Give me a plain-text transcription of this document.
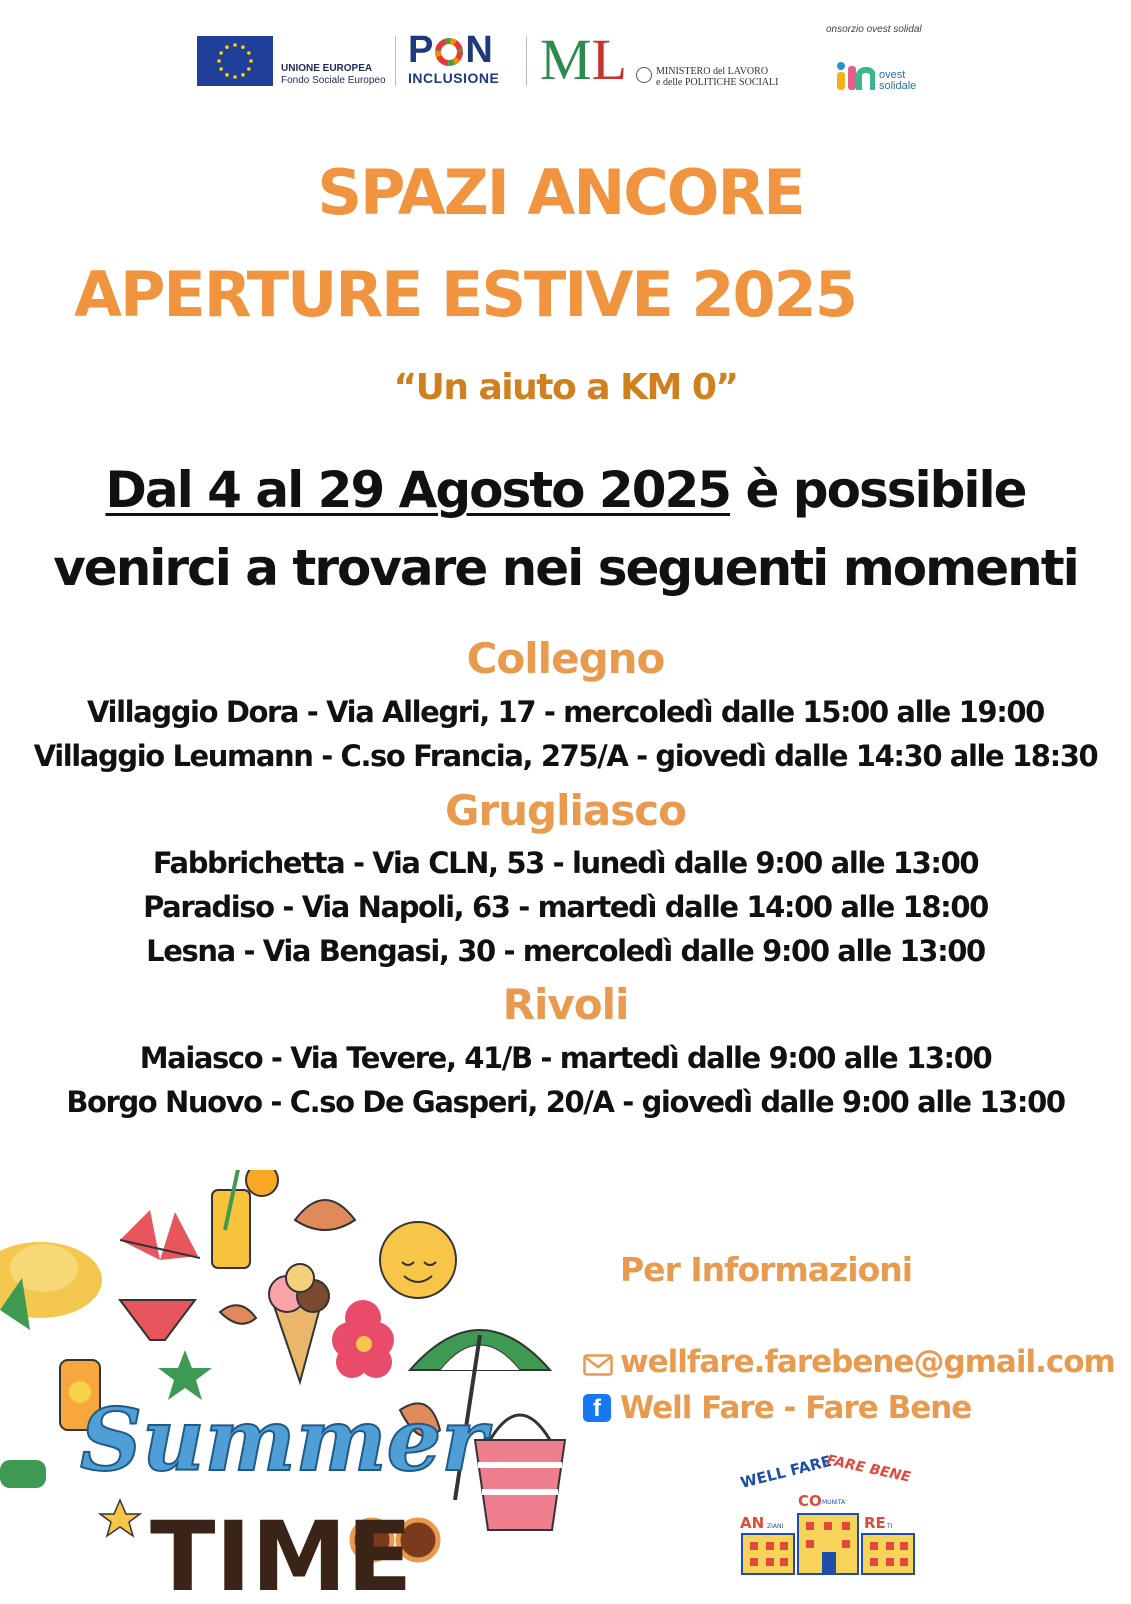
UNIONE EUROPEA
Fondo Sociale Europeo
P N
INCLUSIONE ML	MINISTERO del LAVORO
e delle POLITICHE SOCIALI
onsorzio ovest solidal
ovest
solidale
SPAZI ANCORE
APERTURE ESTIVE 2025
“Un aiuto a KM 0”
Dal 4 al 29 Agosto 2025 è possibile
venirci a trovare nei seguenti momenti
Collegno
Villaggio Dora - Via Allegri, 17 - mercoledì dalle 15:00 alle 19:00
Villaggio Leumann - C.so Francia, 275/A - giovedì dalle 14:30 alle 18:30
Grugliasco
Fabbrichetta - Via CLN, 53 - lunedì dalle 9:00 alle 13:00
Paradiso - Via Napoli, 63 - martedì dalle 14:00 alle 18:00
Lesna - Via Bengasi, 30 - mercoledì dalle 9:00 alle 13:00
Rivoli
Maiasco - Via Tevere, 41/B - martedì dalle 9:00 alle 13:00
Borgo Nuovo - C.so De Gasperi, 20/A - giovedì dalle 9:00 alle 13:00
Summer
TIME
Per Informazioni
wellfare.farebene@gmail.com
f Well Fare - Fare Bene
WELL FARE
FARE BENE
CO MUNITA'
AN ZIANI	RE TI
